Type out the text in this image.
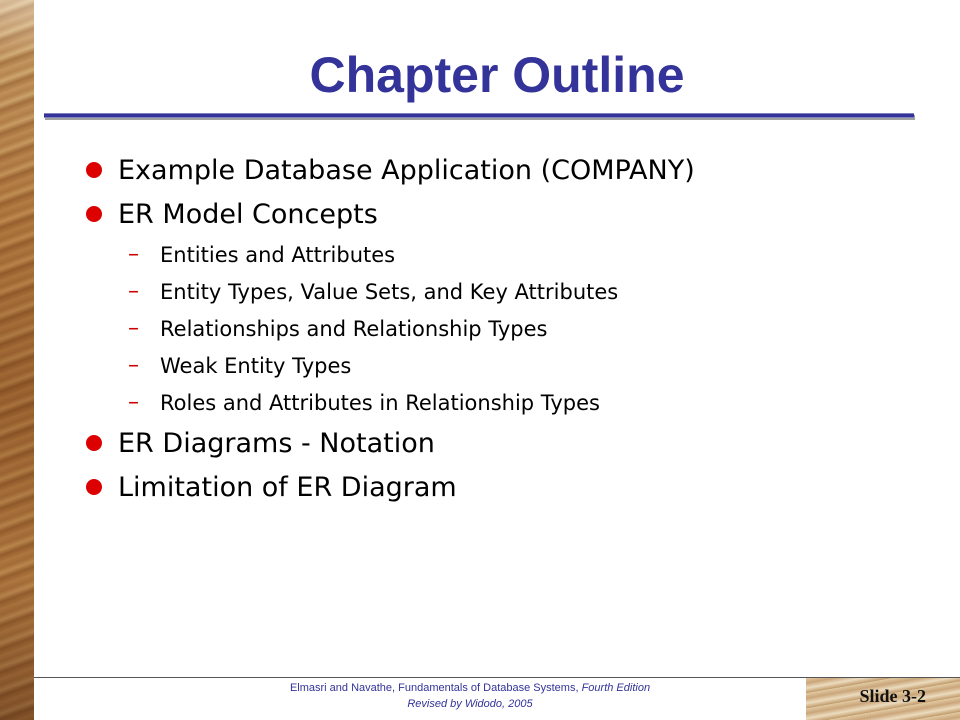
Chapter Outline
Example Database Application (COMPANY)
ER Model Concepts
–	Entities and Attributes
–	Entity Types, Value Sets, and Key Attributes
–	Relationships and Relationship Types
–	Weak Entity Types
–	Roles and Attributes in Relationship Types
ER Diagrams - Notation
Limitation of ER Diagram
Elmasri and Navathe, Fundamentals of Database Systems, Fourth Edition
Revised by Widodo, 2005	Slide 3-2
